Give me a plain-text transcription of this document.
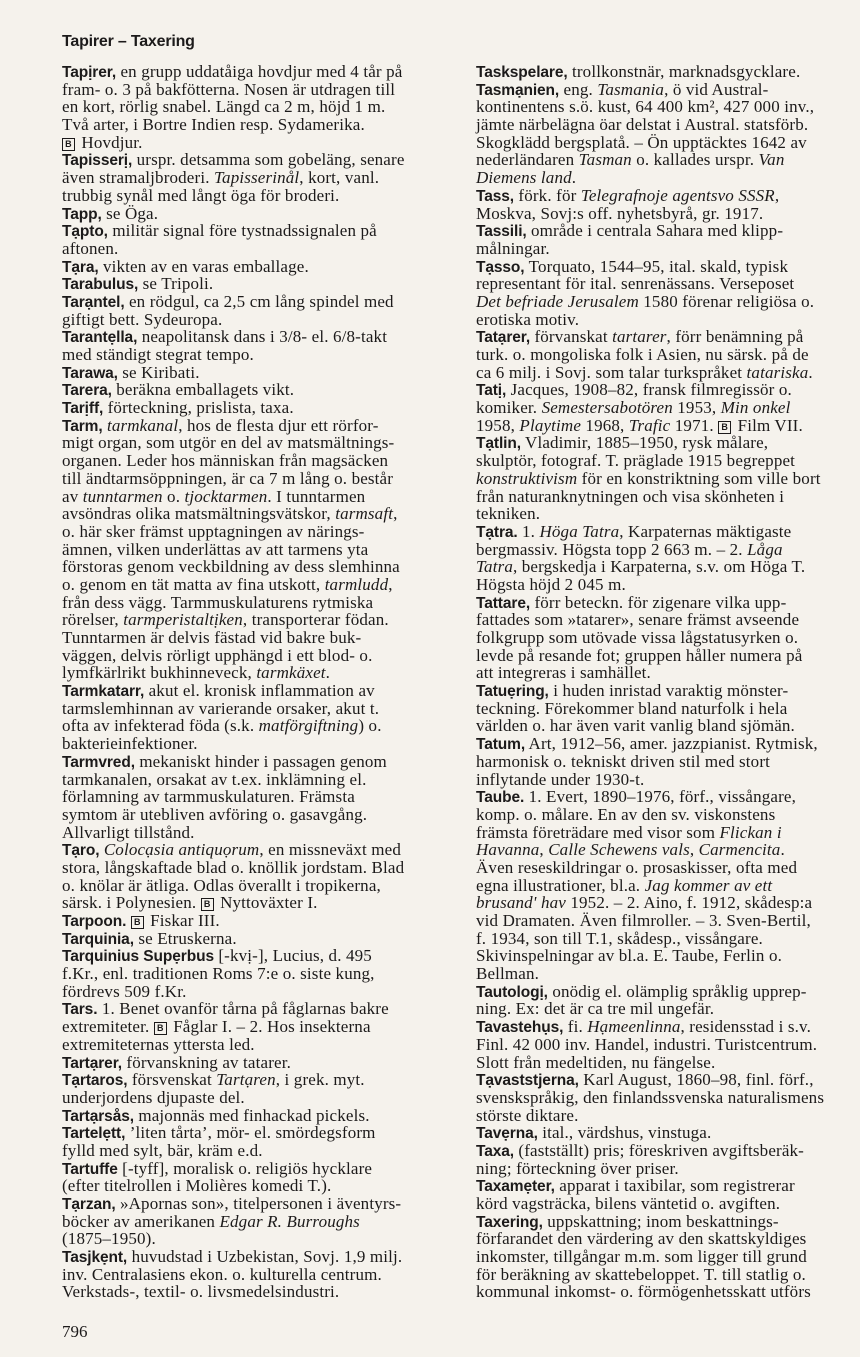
Tapirer – Taxering
Tapịrer, en grupp uddatåiga hovdjur med 4 tår på
fram- o. 3 på bakfötterna. Nosen är utdragen till
en kort, rörlig snabel. Längd ca 2 m, höjd 1 m.
Två arter, i Bortre Indien resp. Sydamerika.
B Hovdjur.
Tapisserị, urspr. detsamma som gobeläng, senare
även stramaljbroderi. Tapisserinål, kort, vanl.
trubbig synål med långt öga för broderi.
Tapp, se Öga.
Tạpto, militär signal före tystnadssignalen på
aftonen.
Tạra, vikten av en varas emballage.
Tarabulus, se Tripoli.
Tarạntel, en rödgul, ca 2,5 cm lång spindel med
giftigt bett. Sydeuropa.
Tarantẹlla, neapolitansk dans i 3/8- el. 6/8-takt
med ständigt stegrat tempo.
Tarawa, se Kiribati.
Tarera, beräkna emballagets vikt.
Tarịff, förteckning, prislista, taxa.
Tarm, tarmkanal, hos de flesta djur ett rörfor-
migt organ, som utgör en del av matsmältnings-
organen. Leder hos människan från magsäcken
till ändtarmsöppningen, är ca 7 m lång o. består
av tunntarmen o. tjocktarmen. I tunntarmen
avsöndras olika matsmältningsvätskor, tarmsaft,
o. här sker främst upptagningen av närings-
ämnen, vilken underlättas av att tarmens yta
förstoras genom veckbildning av dess slemhinna
o. genom en tät matta av fina utskott, tarmludd,
från dess vägg. Tarmmuskulaturens rytmiska
rörelser, tarmperistaltịken, transporterar födan.
Tunntarmen är delvis fästad vid bakre buk-
väggen, delvis rörligt upphängd i ett blod- o.
lymfkärlrikt bukhinneveck, tarmkäxet.
Tarmkatarr, akut el. kronisk inflammation av
tarmslemhinnan av varierande orsaker, akut t.
ofta av infekterad föda (s.k. matförgiftning) o.
bakterieinfektioner.
Tarmvred, mekaniskt hinder i passagen genom
tarmkanalen, orsakat av t.ex. inklämning el.
förlamning av tarmmuskulaturen. Främsta
symtom är utebliven avföring o. gasavgång.
Allvarligt tillstånd.
Tạro, Colocạsia antiquọrum, en missneväxt med
stora, långskaftade blad o. knöllik jordstam. Blad
o. knölar är ätliga. Odlas överallt i tropikerna,
särsk. i Polynesien. B Nyttoväxter I.
Tarpoon. B Fiskar III.
Tarquinia, se Etruskerna.
Tarquinius Supẹrbus [-kvị-], Lucius, d. 495
f.Kr., enl. traditionen Roms 7:e o. siste kung,
fördrevs 509 f.Kr.
Tars. 1. Benet ovanför tårna på fåglarnas bakre
extremiteter. B Fåglar I. – 2. Hos insekterna
extremiteternas yttersta led.
Tartạrer, förvanskning av tatarer.
Tạrtaros, försvenskat Tartạren, i grek. myt.
underjordens djupaste del.
Tartạrsås, majonnäs med finhackad pickels.
Tartelẹtt, ’liten tårta’, mör- el. smördegsform
fylld med sylt, bär, kräm e.d.
Tartuffe [-tyff], moralisk o. religiös hycklare
(efter titelrollen i Molières komedi T.).
Tạrzan, »Apornas son», titelpersonen i äventyrs-
böcker av amerikanen Edgar R. Burroughs
(1875–1950).
Tasjkẹnt, huvudstad i Uzbekistan, Sovj. 1,9 milj.
inv. Centralasiens ekon. o. kulturella centrum.
Verkstads-, textil- o. livsmedelsindustri.
Taskspelare, trollkonstnär, marknadsgycklare.
Tasmạnien, eng. Tasmania, ö vid Austral-
kontinentens s.ö. kust, 64 400 km², 427 000 inv.,
jämte närbelägna öar delstat i Austral. statsförb.
Skogklädd bergsplatå. – Ön upptäcktes 1642 av
nederländaren Tasman o. kallades urspr. Van
Diemens land.
Tass, förk. för Telegrafnoje agentsvo SSSR,
Moskva, Sovj:s off. nyhetsbyrå, gr. 1917.
Tassili, område i centrala Sahara med klipp-
målningar.
Tạsso, Torquato, 1544–95, ital. skald, typisk
representant för ital. senrenässans. Verseposet
Det befriade Jerusalem 1580 förenar religiösa o.
erotiska motiv.
Tatạrer, förvanskat tartarer, förr benämning på
turk. o. mongoliska folk i Asien, nu särsk. på de
ca 6 milj. i Sovj. som talar turkspråket tatariska.
Tatị, Jacques, 1908–82, fransk filmregissör o.
komiker. Semestersabotören 1953, Min onkel
1958, Playtime 1968, Trafic 1971. B Film VII.
Tạtlin, Vladimir, 1885–1950, rysk målare,
skulptör, fotograf. T. präglade 1915 begreppet
konstruktivism för en konstriktning som ville bort
från naturanknytningen och visa skönheten i
tekniken.
Tạtra. 1. Höga Tatra, Karpaternas mäktigaste
bergmassiv. Högsta topp 2 663 m. – 2. Låga
Tatra, bergskedja i Karpaterna, s.v. om Höga T.
Högsta höjd 2 045 m.
Tattare, förr beteckn. för zigenare vilka upp-
fattades som »tatarer», senare främst avseende
folkgrupp som utövade vissa lågstatusyrken o.
levde på resande fot; gruppen håller numera på
att integreras i samhället.
Tatuẹring, i huden inristad varaktig mönster-
teckning. Förekommer bland naturfolk i hela
världen o. har även varit vanlig bland sjömän.
Tatum, Art, 1912–56, amer. jazzpianist. Rytmisk,
harmonisk o. tekniskt driven stil med stort
inflytande under 1930-t.
Taube. 1. Evert, 1890–1976, förf., vissångare,
komp. o. målare. En av den sv. viskonstens
främsta företrädare med visor som Flickan i
Havanna, Calle Schewens vals, Carmencita.
Även reseskildringar o. prosaskisser, ofta med
egna illustrationer, bl.a. Jag kommer av ett
brusand' hav 1952. – 2. Aino, f. 1912, skådesp:a
vid Dramaten. Även filmroller. – 3. Sven-Bertil,
f. 1934, son till T.1, skådesp., vissångare.
Skivinspelningar av bl.a. E. Taube, Ferlin o.
Bellman.
Tautologị, onödig el. olämplig språklig upprep-
ning. Ex: det är ca tre mil ungefär.
Tavastehụs, fi. Hạmeenlinna, residensstad i s.v.
Finl. 42 000 inv. Handel, industri. Turistcentrum.
Slott från medeltiden, nu fängelse.
Tạvaststjerna, Karl August, 1860–98, finl. förf.,
svenskspråkig, den finlandssvenska naturalismens
störste diktare.
Tavẹrna, ital., värdshus, vinstuga.
Taxa, (fastställt) pris; föreskriven avgiftsberäk-
ning; förteckning över priser.
Taxamẹter, apparat i taxibilar, som registrerar
körd vagsträcka, bilens väntetid o. avgiften.
Taxering, uppskattning; inom beskattnings-
förfarandet den värdering av den skattskyldiges
inkomster, tillgångar m.m. som ligger till grund
för beräkning av skattebeloppet. T. till statlig o.
kommunal inkomst- o. förmögenhetsskatt utförs
796
